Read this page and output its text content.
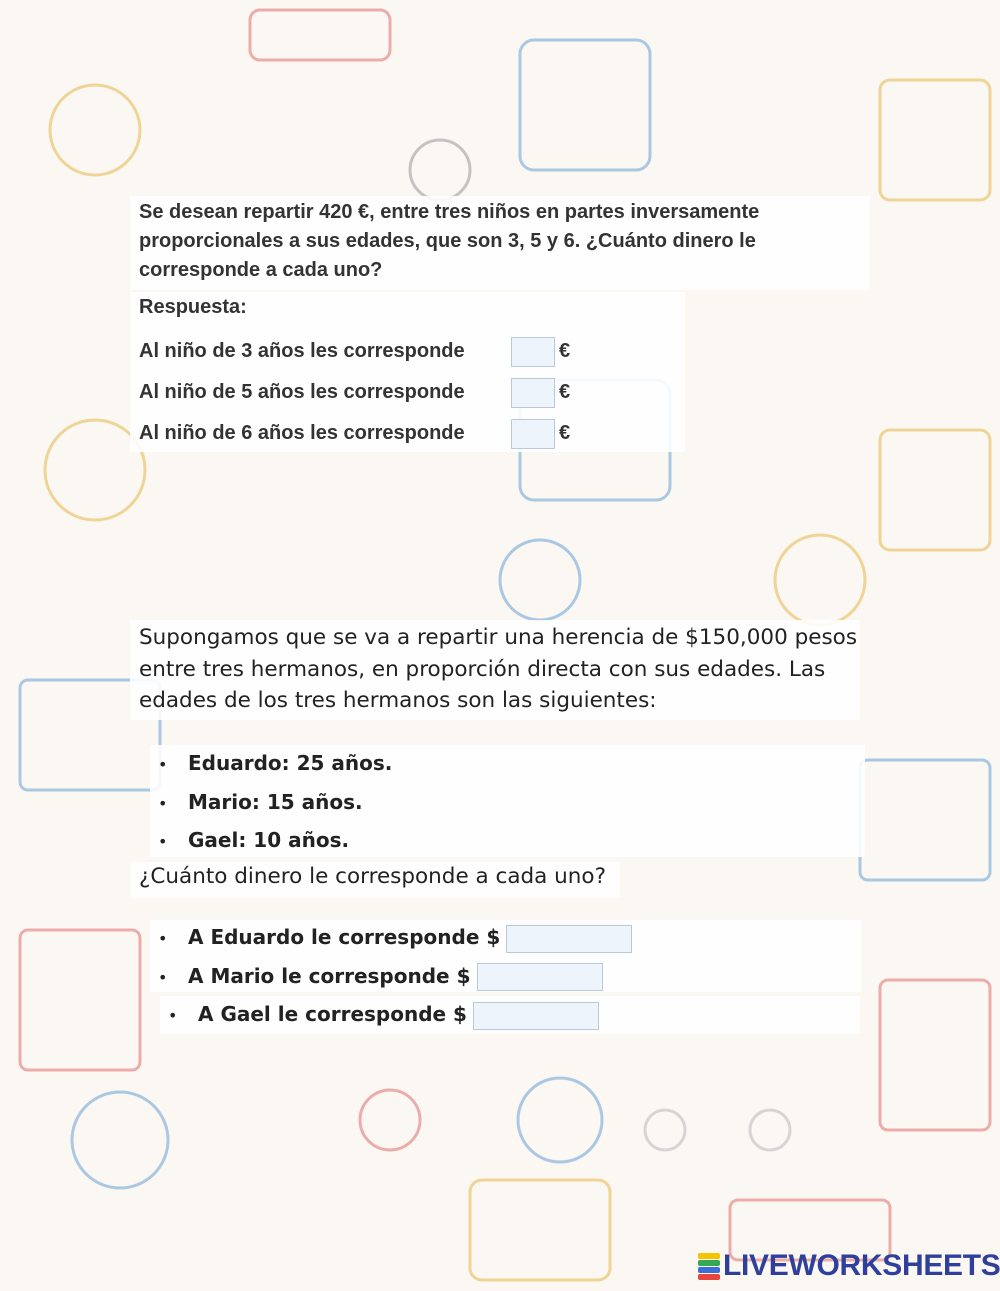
Se desean repartir 420 €, entre tres niños en partes inversamente proporcionales a sus edades, que son 3, 5 y 6. ¿Cuánto dinero le corresponde a cada uno?
Respuesta:
Al niño de 3 años les corresponde	€
Al niño de 5 años les corresponde	€
Al niño de 6 años les corresponde	€
Supongamos que se va a repartir una herencia de $150,000 pesos entre tres hermanos, en proporción directa con sus edades. Las edades de los tres hermanos son las siguientes:
• Eduardo: 25 años.
• Mario: 15 años.
• Gael: 10 años.
¿Cuánto dinero le corresponde a cada uno?
• A Eduardo le corresponde $
• A Mario le corresponde $
• A Gael le corresponde $
LIVEWORKSHEETS
